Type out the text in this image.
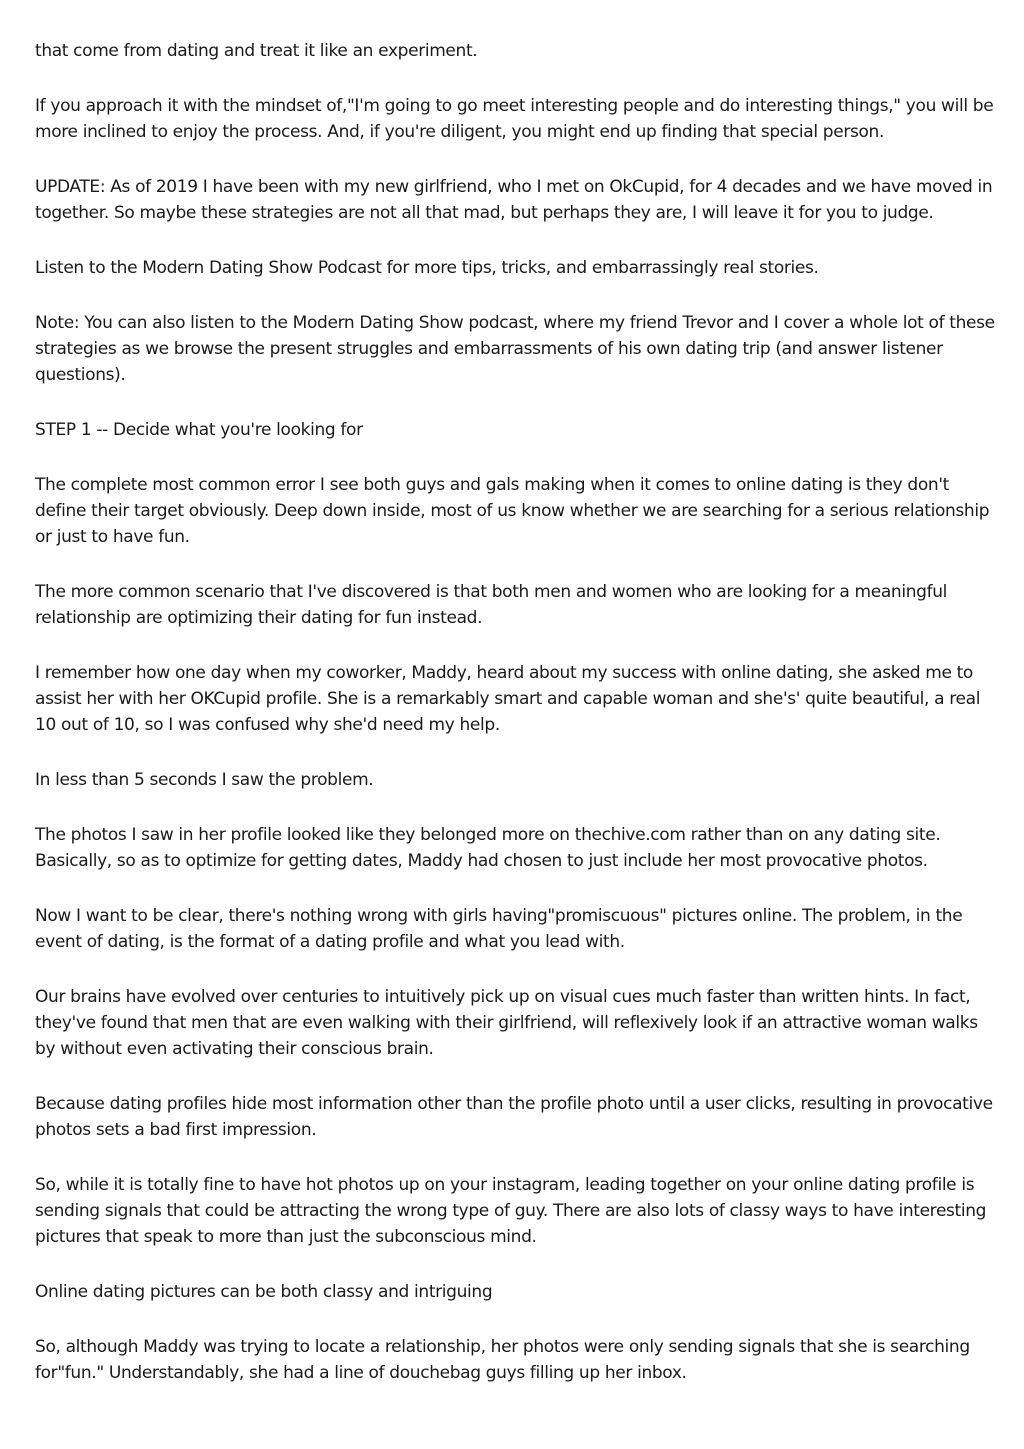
that come from dating and treat it like an experiment.

If you approach it with the mindset of,"I'm going to go meet interesting people and do interesting things," you will be more inclined to enjoy the process. And, if you're diligent, you might end up finding that special person.

UPDATE: As of 2019 I have been with my new girlfriend, who I met on OkCupid, for 4 decades and we have moved in together. So maybe these strategies are not all that mad, but perhaps they are, I will leave it for you to judge.

Listen to the Modern Dating Show Podcast for more tips, tricks, and embarrassingly real stories.

Note: You can also listen to the Modern Dating Show podcast, where my friend Trevor and I cover a whole lot of these strategies as we browse the present struggles and embarrassments of his own dating trip (and answer listener questions).

STEP 1 -- Decide what you're looking for

The complete most common error I see both guys and gals making when it comes to online dating is they don't define their target obviously. Deep down inside, most of us know whether we are searching for a serious relationship or just to have fun.

The more common scenario that I've discovered is that both men and women who are looking for a meaningful relationship are optimizing their dating for fun instead.

I remember how one day when my coworker, Maddy, heard about my success with online dating, she asked me to assist her with her OKCupid profile. She is a remarkably smart and capable woman and she's' quite beautiful, a real 10 out of 10, so I was confused why she'd need my help.

In less than 5 seconds I saw the problem.

The photos I saw in her profile looked like they belonged more on thechive.com rather than on any dating site. Basically, so as to optimize for getting dates, Maddy had chosen to just include her most provocative photos.

Now I want to be clear, there's nothing wrong with girls having"promiscuous" pictures online. The problem, in the event of dating, is the format of a dating profile and what you lead with.

Our brains have evolved over centuries to intuitively pick up on visual cues much faster than written hints. In fact, they've found that men that are even walking with their girlfriend, will reflexively look if an attractive woman walks by without even activating their conscious brain.

Because dating profiles hide most information other than the profile photo until a user clicks, resulting in provocative photos sets a bad first impression.

So, while it is totally fine to have hot photos up on your instagram, leading together on your online dating profile is sending signals that could be attracting the wrong type of guy. There are also lots of classy ways to have interesting pictures that speak to more than just the subconscious mind.

Online dating pictures can be both classy and intriguing

So, although Maddy was trying to locate a relationship, her photos were only sending signals that she is searching for"fun." Understandably, she had a line of douchebag guys filling up her inbox.
